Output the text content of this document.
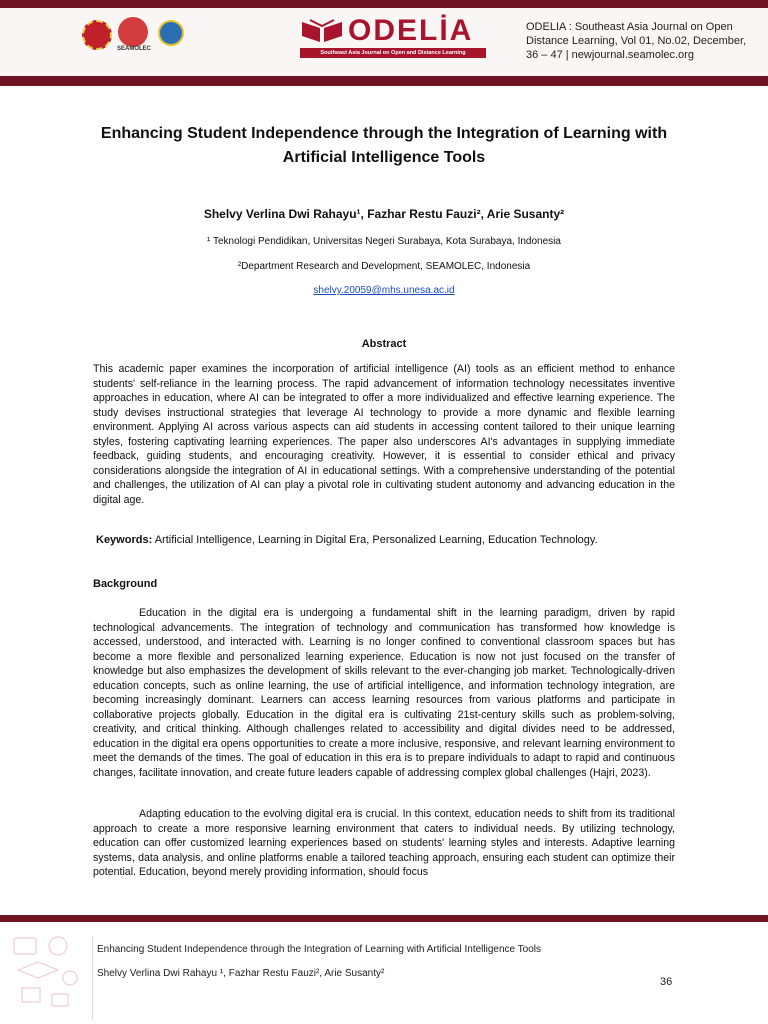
SEAMOLEC
ODELİA
Southeast Asia Journal on Open and Distance Learning
ODELIA : Southeast Asia Journal on Open Distance Learning, Vol 01, No.02, December, 36 – 47 | newjournal.seamolec.org
Enhancing Student Independence through the Integration of Learning with Artificial Intelligence Tools
Shelvy Verlina Dwi Rahayu¹, Fazhar Restu Fauzi², Arie Susanty²
¹ Teknologi Pendidikan, Universitas Negeri Surabaya, Kota Surabaya, Indonesia
²Department Research and Development, SEAMOLEC, Indonesia
shelvy.20059@mhs.unesa.ac.id
Abstract
This academic paper examines the incorporation of artificial intelligence (AI) tools as an efficient method to enhance students' self-reliance in the learning process. The rapid advancement of information technology necessitates inventive approaches in education, where AI can be integrated to offer a more individualized and effective learning experience. The study devises instructional strategies that leverage AI technology to provide a more dynamic and flexible learning environment. Applying AI across various aspects can aid students in accessing content tailored to their unique learning styles, fostering captivating learning experiences. The paper also underscores AI's advantages in supplying immediate feedback, guiding students, and encouraging creativity. However, it is essential to consider ethical and privacy considerations alongside the integration of AI in educational settings. With a comprehensive understanding of the potential and challenges, the utilization of AI can play a pivotal role in cultivating student autonomy and advancing education in the digital age.
Keywords: Artificial Intelligence, Learning in Digital Era, Personalized Learning, Education Technology.
Background

Education in the digital era is undergoing a fundamental shift in the learning paradigm, driven by rapid technological advancements. The integration of technology and communication has transformed how knowledge is accessed, understood, and interacted with. Learning is no longer confined to conventional classroom spaces but has become a more flexible and personalized learning experience. Education is now not just focused on the transfer of knowledge but also emphasizes the development of skills relevant to the ever-changing job market. Technologically-driven education concepts, such as online learning, the use of artificial intelligence, and information technology integration, are becoming increasingly dominant. Learners can access learning resources from various platforms and participate in collaborative projects globally. Education in the digital era is cultivating 21st-century skills such as problem-solving, creativity, and critical thinking. Although challenges related to accessibility and digital divides need to be addressed, education in the digital era opens opportunities to create a more inclusive, responsive, and relevant learning environment to meet the demands of the times. The goal of education in this era is to prepare individuals to adapt to rapid and continuous changes, facilitate innovation, and create future leaders capable of addressing complex global challenges (Hajri, 2023).

Adapting education to the evolving digital era is crucial. In this context, education needs to shift from its traditional approach to create a more responsive learning environment that caters to individual needs. By utilizing technology, education can offer customized learning experiences based on students' learning styles and interests. Adaptive learning systems, data analysis, and online platforms enable a tailored teaching approach, ensuring each student can optimize their potential. Education, beyond merely providing information, should focus

Enhancing Student Independence through the Integration of Learning with Artificial Intelligence Tools
Shelvy Verlina Dwi Rahayu ¹, Fazhar Restu Fauzi², Arie Susanty²
36
